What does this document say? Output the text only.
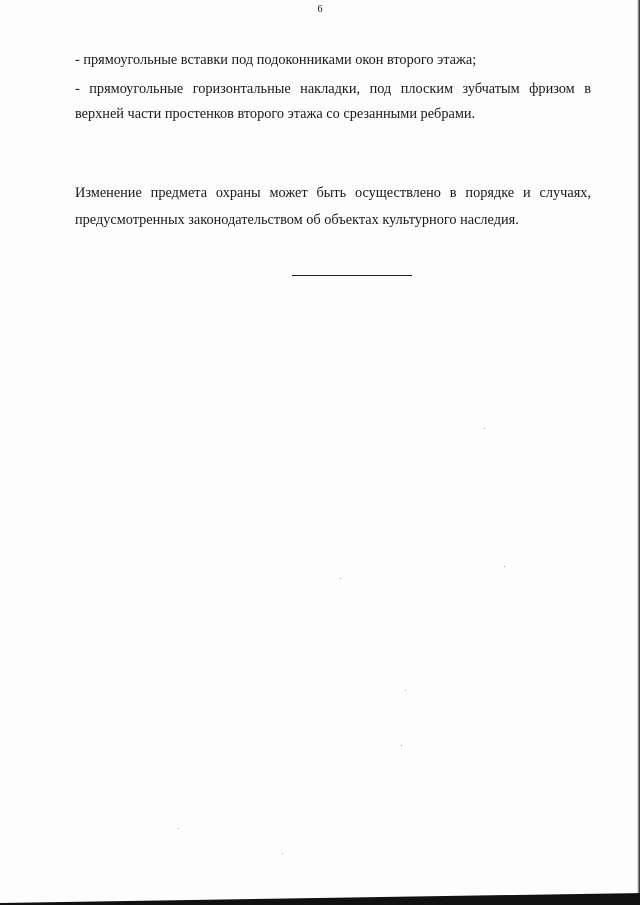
6
- прямоугольные вставки под подоконниками окон второго этажа;
- прямоугольные горизонтальные накладки, под плоским зубчатым фризом в верхней части простенков второго этажа со срезанными ребрами.
Изменение предмета охраны может быть осуществлено в порядке и случаях, предусмотренных законодательством об объектах культурного наследия.
